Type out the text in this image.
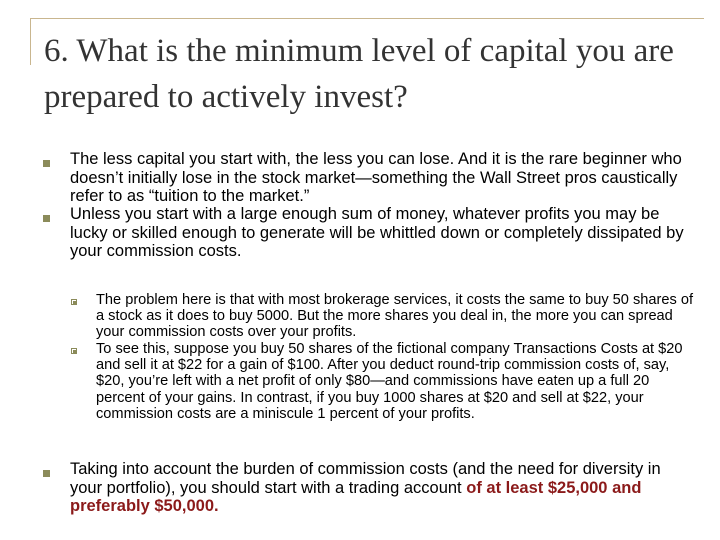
6. What is the minimum level of capital you are prepared to actively invest?
The less capital you start with, the less you can lose. And it is the rare beginner who doesn’t initially lose in the stock market—something the Wall Street pros caustically refer to as “tuition to the market.”
Unless you start with a large enough sum of money, whatever profits you may be lucky or skilled enough to generate will be whittled down or completely dissipated by your commission costs.
The problem here is that with most brokerage services, it costs the same to buy 50 shares of a stock as it does to buy 5000. But the more shares you deal in, the more you can spread your commission costs over your profits.
To see this, suppose you buy 50 shares of the fictional company Transactions Costs at $20 and sell it at $22 for a gain of $100. After you deduct round-trip commission costs of, say, $20, you’re left with a net profit of only $80—and commissions have eaten up a full 20 percent of your gains. In contrast, if you buy 1000 shares at $20 and sell at $22, your commission costs are a miniscule 1 percent of your profits.
Taking into account the burden of commission costs (and the need for diversity in your portfolio), you should start with a trading account of at least $25,000 and preferably $50,000.
